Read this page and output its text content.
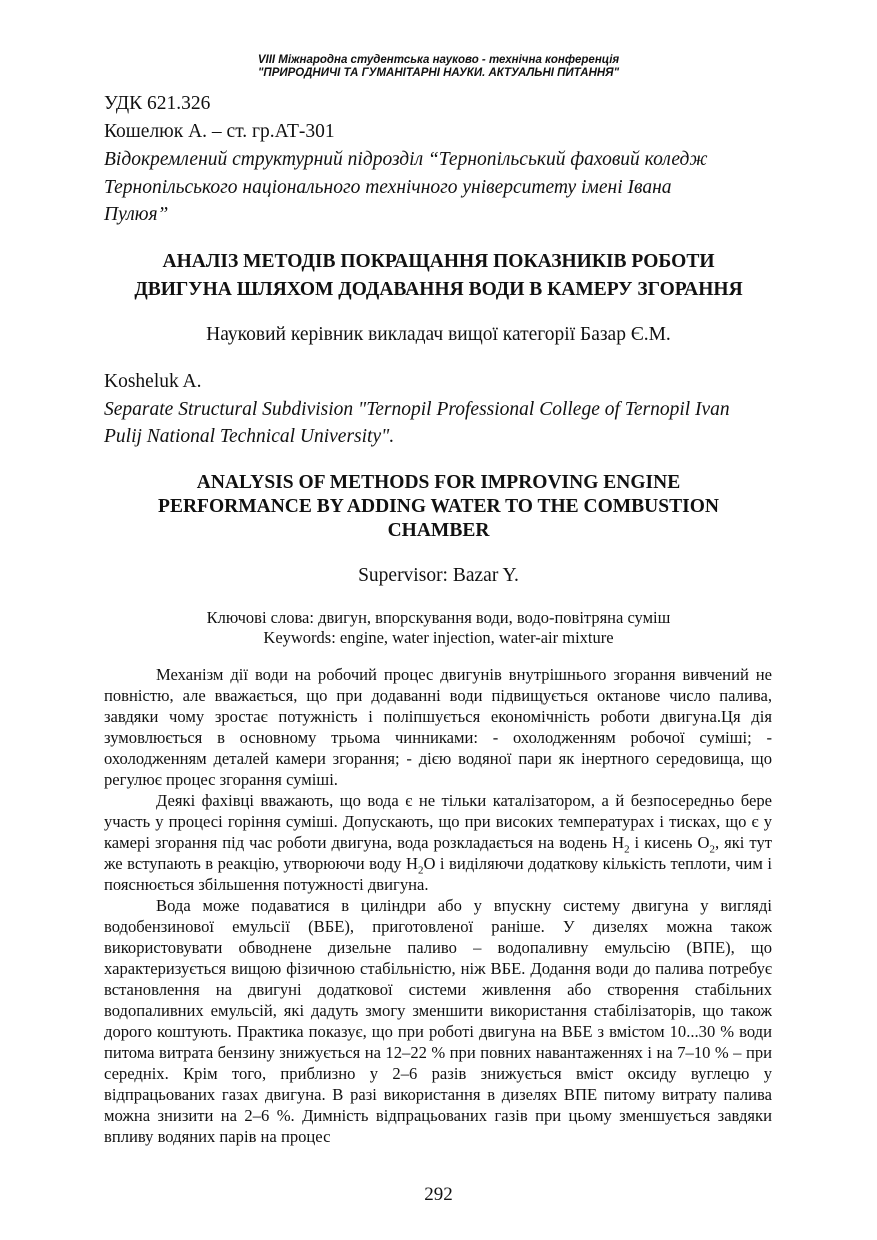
VIII Міжнародна студентська науково - технічна конференція
"ПРИРОДНИЧІ ТА ГУМАНІТАРНІ НАУКИ. АКТУАЛЬНІ ПИТАННЯ"
УДК 621.326
Кошелюк А. – ст. гр.АТ-301
Відокремлений структурний підрозділ “Тернопільський фаховий коледж
Тернопільського національного технічного університету імені Івана
Пулюя”
АНАЛІЗ МЕТОДІВ ПОКРАЩАННЯ ПОКАЗНИКІВ РОБОТИ
ДВИГУНА ШЛЯХОМ ДОДАВАННЯ ВОДИ В КАМЕРУ ЗГОРАННЯ
Науковий керівник викладач вищої категорії Базар Є.М.
Kosheluk A.
Separate Structural Subdivision "Ternopil Professional College of Ternopil Ivan
Pulij National Technical University".
ANALYSIS OF METHODS FOR IMPROVING ENGINE
PERFORMANCE BY ADDING WATER TO THE COMBUSTION
CHAMBER
Supervisor: Bazar Y.
Ключові слова: двигун, впорскування води, водо-повітряна суміш
Keywords: engine, water injection, water-air mixture

Механізм дії води на робочий процес двигунів внутрішнього згорання вивчений не повністю, але вважається, що при додаванні води підвищується октанове число палива, завдяки чому зростає потужність і поліпшується економічність роботи двигуна.Ця дія зумовлюється в основному трьома чинниками: - охолодженням робочої суміші; - охолодженням деталей камери згорання; - дією водяної пари як інертного середовища, що регулює процес згорання суміші.

Деякі фахівці вважають, що вода є не тільки каталізатором, а й безпосередньо бере участь у процесі горіння суміші. Допускають, що при високих температурах і тисках, що є у камері згорання під час роботи двигуна, вода розкладається на водень $H_2$ і кисень $O_2$, які тут же вступають в реакцію, утворюючи воду $H_2O$ і виділяючи додаткову кількість теплоти, чим і пояснюється збільшення потужності двигуна.

Вода може подаватися в циліндри або у впускну систему двигуна у вигляді водобензинової емульсії (ВБЕ), приготовленої раніше. У дизелях можна також використовувати обводнене дизельне паливо – водопаливну емульсію (ВПЕ), що характеризується вищою фізичною стабільністю, ніж ВБЕ. Додання води до палива потребує встановлення на двигуні додаткової системи живлення або створення стабільних водопаливних емульсій, які дадуть змогу зменшити використання стабілізаторів, що також дорого коштують. Практика показує, що при роботі двигуна на ВБЕ з вмістом 10...30 % води питома витрата бензину знижується на 12–22 % при повних навантаженнях і на 7–10 % – при середніх. Крім того, приблизно у 2–6 разів знижується вміст оксиду вуглецю у відпрацьованих газах двигуна. В разі використання в дизелях ВПЕ питому витрату палива можна знизити на 2–6 %. Димність відпрацьованих газів при цьому зменшується завдяки впливу водяних парів на процес

292
